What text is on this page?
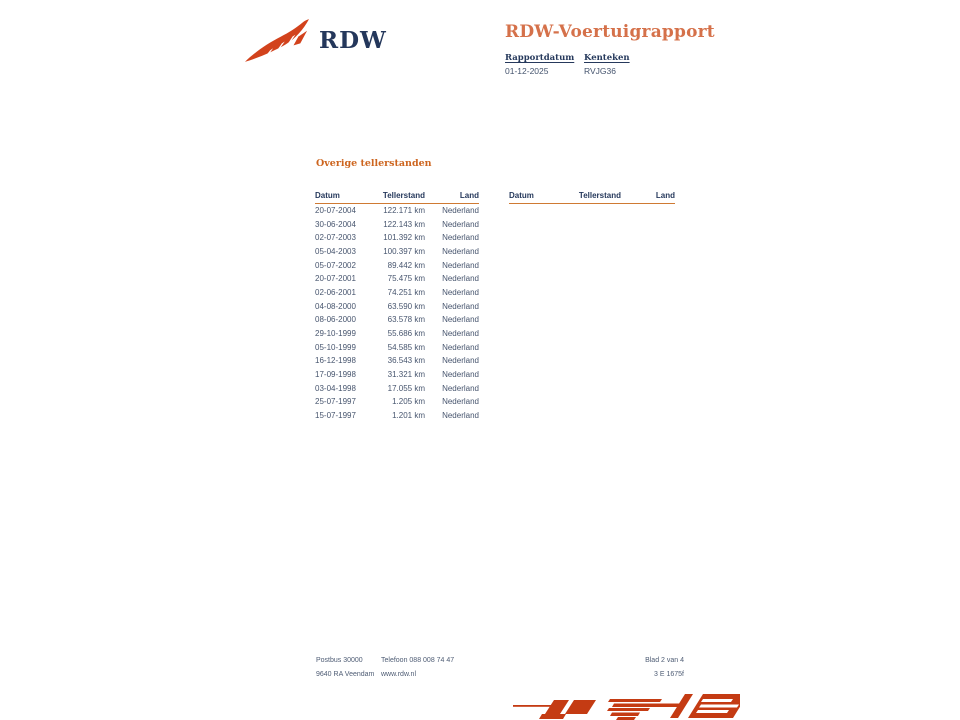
RDW	RDW-Voertuigrapport
Rapportdatum Kenteken
01-12-2025	RVJG36
Overige tellerstanden
Datum	Tellerstand	Land
20-07-2004	122.171 km	Nederland
30-06-2004	122.143 km	Nederland
02-07-2003	101.392 km	Nederland
05-04-2003	100.397 km	Nederland
05-07-2002	89.442 km	Nederland
20-07-2001	75.475 km	Nederland
02-06-2001	74.251 km	Nederland
04-08-2000	63.590 km	Nederland
08-06-2000	63.578 km	Nederland
29-10-1999	55.686 km	Nederland
05-10-1999	54.585 km	Nederland
16-12-1998	36.543 km	Nederland
17-09-1998	31.321 km	Nederland
03-04-1998	17.055 km	Nederland
25-07-1997	1.205 km	Nederland
15-07-1997	1.201 km	Nederland
Datum	Tellerstand	Land
Postbus 30000
9640 RA Veendam
Telefoon 088 008 74 47
www.rdw.nl
Blad 2 van 4
3 E 1675f
